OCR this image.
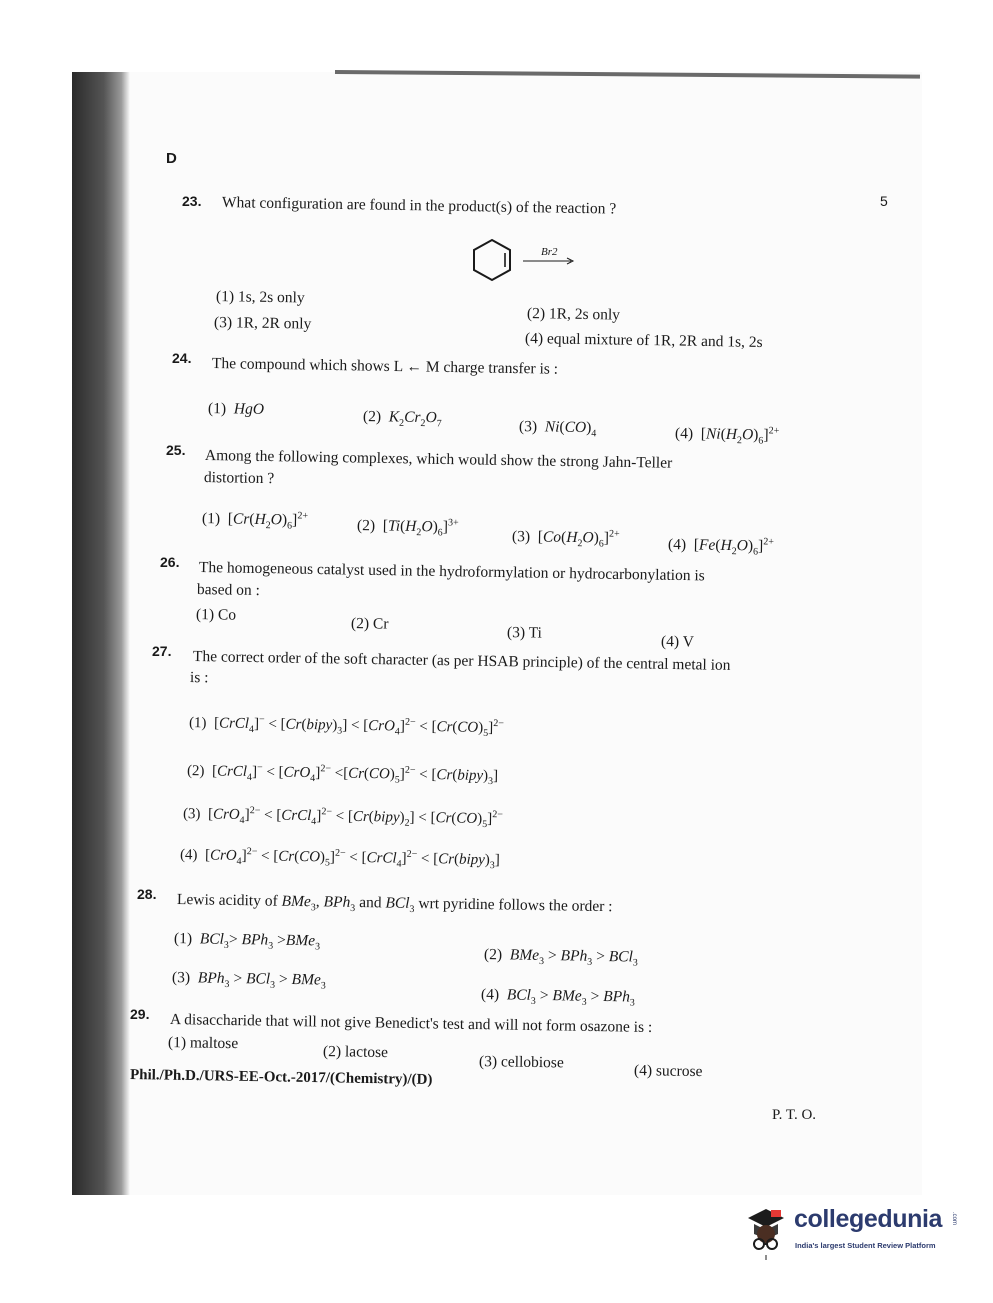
D
5
23. What configuration are found in the product(s) of the reaction ?
Br2
(1) 1s, 2s only
(2) 1R, 2s only
(3) 1R, 2R only
(4) equal mixture of 1R, 2R and 1s, 2s
24. The compound which shows L ← M charge transfer is :
(1) HgO	(2) $K_2Cr_2O_7$	(3) $Ni(CO)_4$	(4)  $[Ni(H_2O)_6]^{2+}$
25. Among the following complexes, which would show the strong Jahn-Teller
distortion ?
(1)  $[Cr(H_2O)_6]^{2+}$
(2)  $[Ti(H_2O)_6]^{3+}$
(3)  $[Co(H_2O)_6]^{2+}$
(4)  $[Fe(H_2O)_6]^{2+}$
26. The homogeneous catalyst used in the hydroformylation or hydrocarbonylation is
based on :
(1) Co
(2) Cr
(3) Ti
(4) V
27. The correct order of the soft character (as per HSAB principle) of the central metal ion
is :
(1)  [CrCl$_4$]− < $[Cr(bipy)_3] < [CrO_4]^{2-} < [Cr(CO)_5]^{2-}$
(2)  [CrCl$_4$]− < $[CrO_4]^{2-} <[Cr(CO)_5]^{2-}$ < $[Cr(bipy)_3]$
(3)  $[CrO_4]^{2-}$ < [CrCl$_4$]$^{2-}$ < $[Cr(bipy)_2] < [Cr(CO)_5]^{2-}$
(4)  $[CrO_4]^{2-} < [Cr(CO)_5]^{2-}$ < [CrCl$_4$]$^{2-}$ < $[Cr(bipy)_3]$
28. Lewis acidity of BMe$_3$, BPh$_3$ and BCl$_3$ wrt pyridine follows the order :
(1) BCl$_3$> BPh$_3$ >BMe$_3$	(2) BMe$_3$ > BPh$_3$ > BCl$_3$
(3) BPh$_3$ > BCl$_3$ > BMe$_3$	(4) BCl$_3$ > BMe$_3$ > BPh$_3$
29. A disaccharide that will not give Benedict's test and will not form osazone is :
(1) maltose	(2) lactose
(3) cellobiose	(4) sucrose
Phil./Ph.D./URS-EE-Oct.-2017/(Chemistry)/(D)
P. T. O.
collegedunia .com
India's largest Student Review Platform
